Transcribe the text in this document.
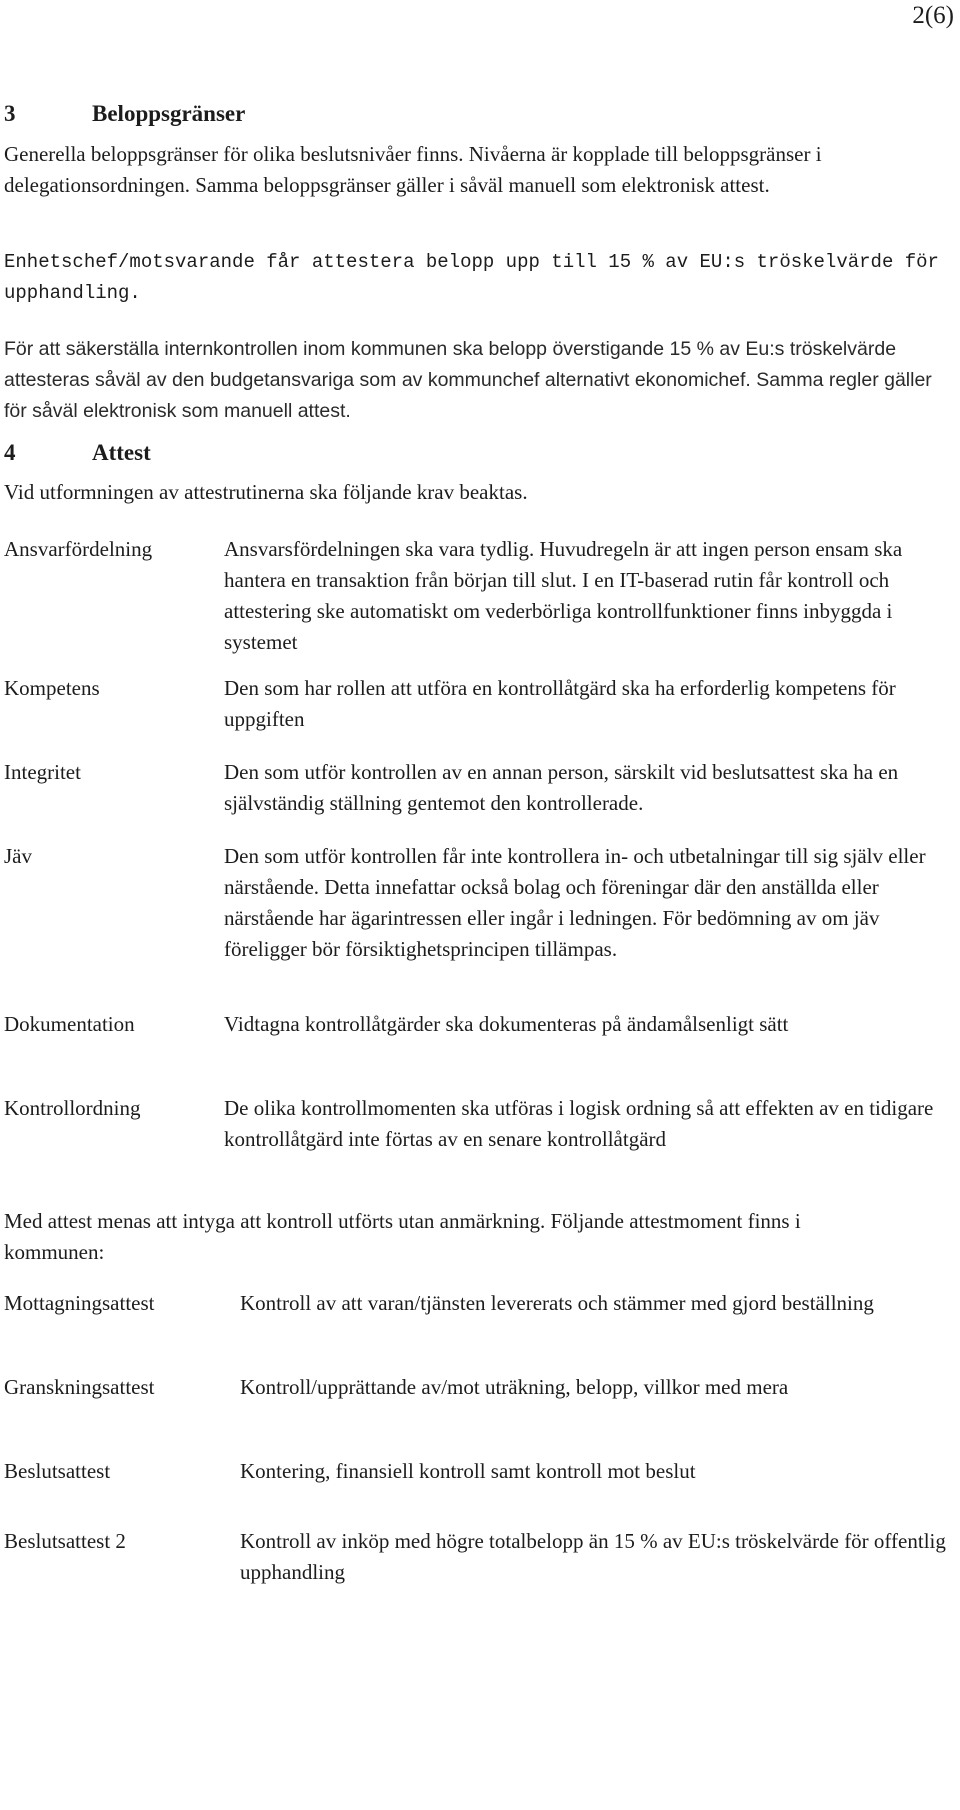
2(6)
3	Beloppsgränser

Generella beloppsgränser för olika beslutsnivåer finns. Nivåerna är kopplade till beloppsgränser i delegationsordningen. Samma beloppsgränser gäller i såväl manuell som elektronisk attest.

Enhetschef/motsvarande får attestera belopp upp till 15 % av EU:s tröskelvärde för upphandling.

För att säkerställa internkontrollen inom kommunen ska belopp överstigande 15 % av Eu:s tröskelvärde attesteras såväl av den budgetansvariga som av kommunchef alternativt ekonomichef. Samma regler gäller för såväl elektronisk som manuell attest.

4	Attest

Vid utformningen av attestrutinerna ska följande krav beaktas.

Ansvarfördelning	Ansvarsfördelningen ska vara tydlig. Huvudregeln är att ingen person ensam ska hantera en transaktion från början till slut. I en IT-baserad rutin får kontroll och attestering ske automatiskt om vederbörliga kontrollfunktioner finns inbyggda i systemet
Kompetens	Den som har rollen att utföra en kontrollåtgärd ska ha erforderlig kompetens för uppgiften
Integritet	Den som utför kontrollen av en annan person, särskilt vid beslutsattest ska ha en självständig ställning gentemot den kontrollerade.
Jäv	Den som utför kontrollen får inte kontrollera in- och utbetalningar till sig själv eller närstående. Detta innefattar också bolag och föreningar där den anställda eller närstående har ägarintressen eller ingår i ledningen. För bedömning av om jäv föreligger bör försiktighetsprincipen tillämpas.
Dokumentation	Vidtagna kontrollåtgärder ska dokumenteras på ändamålsenligt sätt
Kontrollordning	De olika kontrollmomenten ska utföras i logisk ordning så att effekten av en tidigare kontrollåtgärd inte förtas av en senare kontrollåtgärd

Med attest menas att intyga att kontroll utförts utan anmärkning. Följande attestmoment finns i kommunen:

Mottagningsattest	Kontroll av att varan/tjänsten levererats och stämmer med gjord beställning
Granskningsattest	Kontroll/upprättande av/mot uträkning, belopp, villkor med mera
Beslutsattest	Kontering, finansiell kontroll samt kontroll mot beslut
Beslutsattest 2	Kontroll av inköp med högre totalbelopp än 15 % av EU:s tröskelvärde för offentlig upphandling
